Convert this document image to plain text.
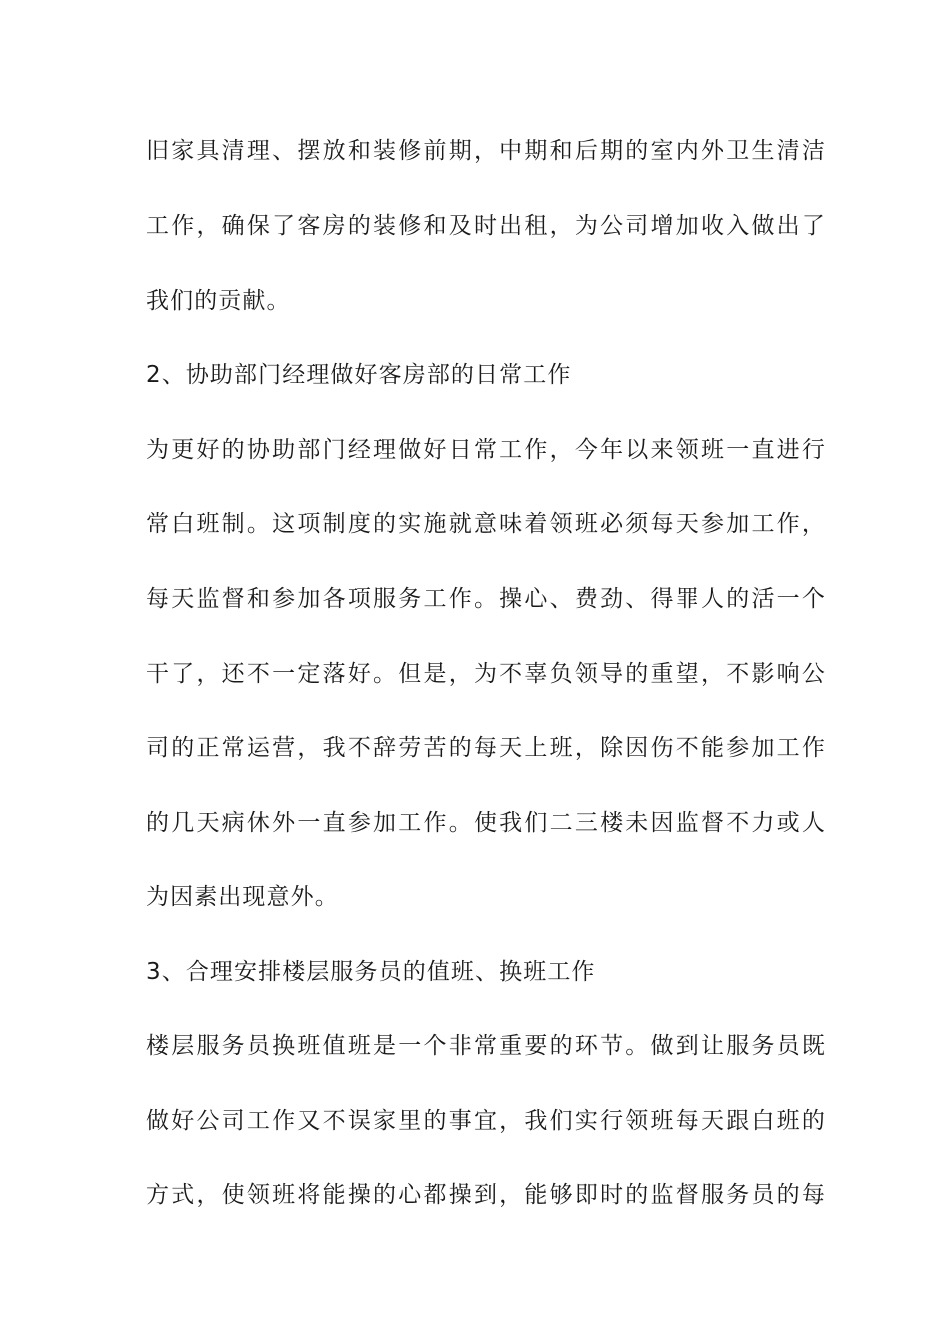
旧家具清理、摆放和装修前期，中期和后期的室内外卫生清洁
工作，确保了客房的装修和及时出租，为公司增加收入做出了
我们的贡献。
2、协助部门经理做好客房部的日常工作
为更好的协助部门经理做好日常工作，今年以来领班一直进行
常白班制。这项制度的实施就意味着领班必须每天参加工作，
每天监督和参加各项服务工作。操心、费劲、得罪人的活一个
干了，还不一定落好。但是，为不辜负领导的重望，不影响公
司的正常运营，我不辞劳苦的每天上班，除因伤不能参加工作
的几天病休外一直参加工作。使我们二三楼未因监督不力或人
为因素出现意外。
3、合理安排楼层服务员的值班、换班工作
楼层服务员换班值班是一个非常重要的环节。做到让服务员既
做好公司工作又不误家里的事宜，我们实行领班每天跟白班的
方式，使领班将能操的心都操到，能够即时的监督服务员的每
